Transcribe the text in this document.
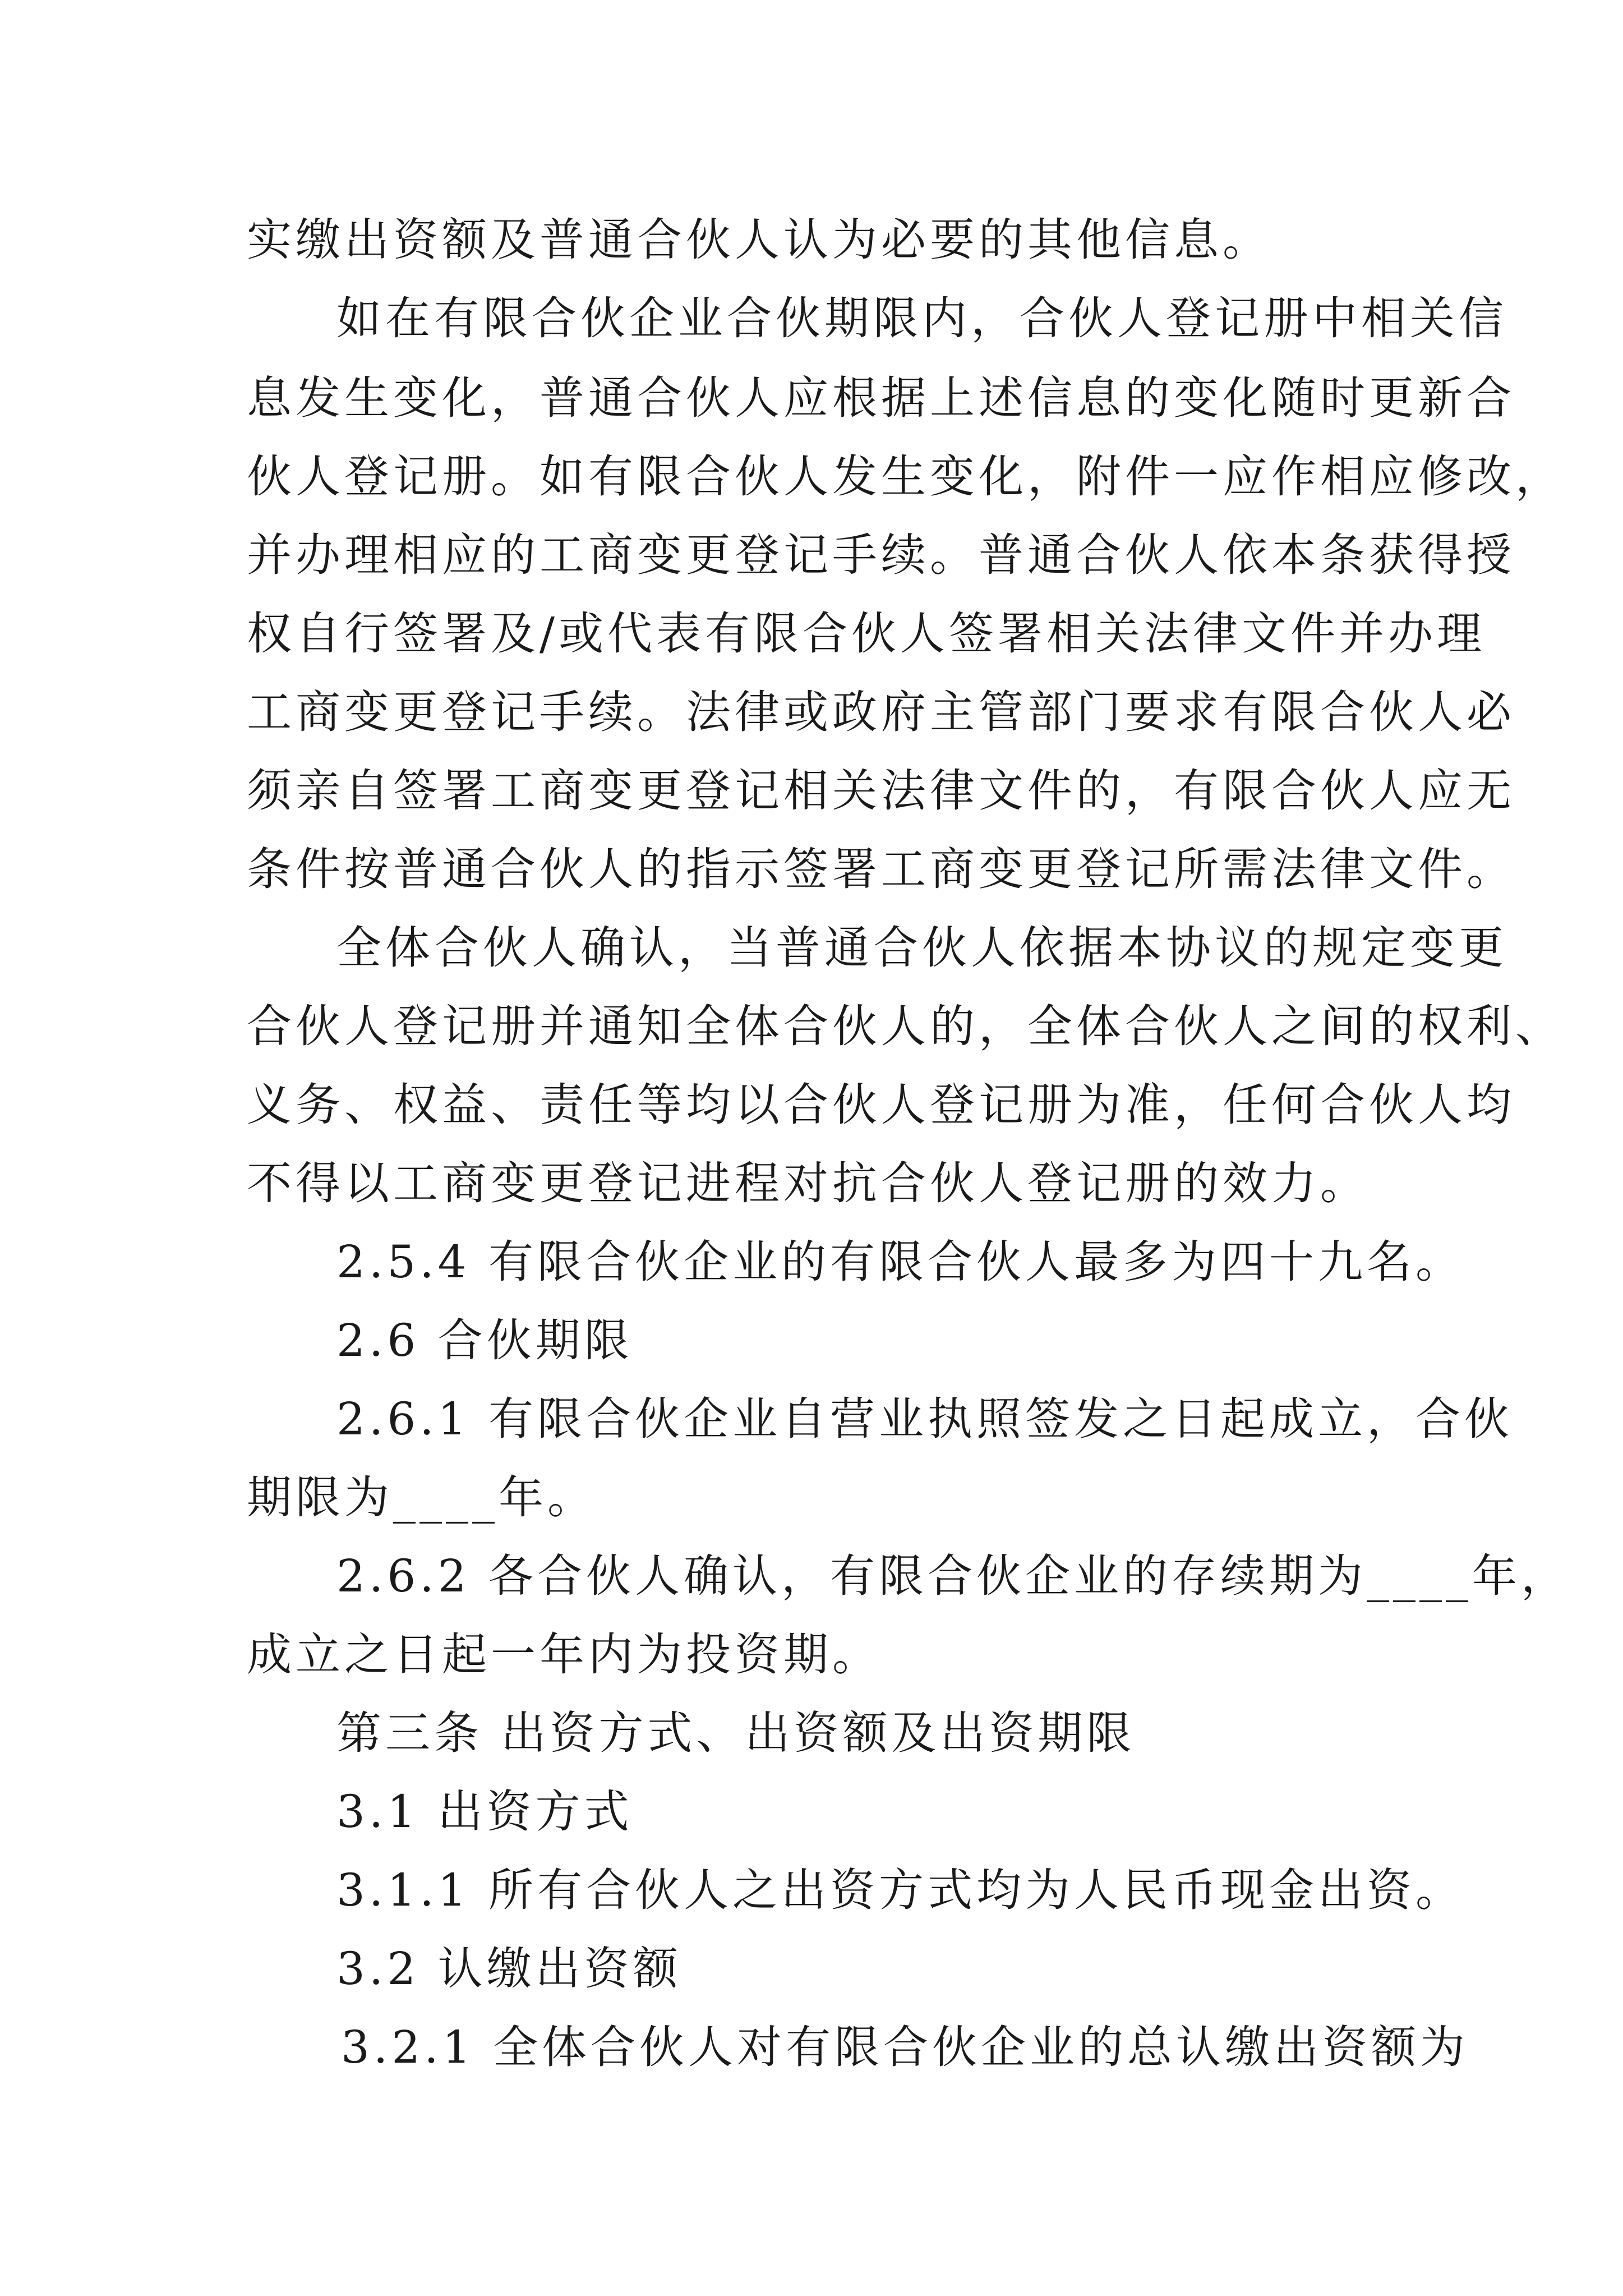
实缴出资额及普通合伙人认为必要的其他信息。
如在有限合伙企业合伙期限内，合伙人登记册中相关信
息发生变化，普通合伙人应根据上述信息的变化随时更新合
伙人登记册。如有限合伙人发生变化，附件一应作相应修改，
并办理相应的工商变更登记手续。普通合伙人依本条获得授
权自行签署及/或代表有限合伙人签署相关法律文件并办理
工商变更登记手续。法律或政府主管部门要求有限合伙人必
须亲自签署工商变更登记相关法律文件的，有限合伙人应无
条件按普通合伙人的指示签署工商变更登记所需法律文件。
全体合伙人确认，当普通合伙人依据本协议的规定变更
合伙人登记册并通知全体合伙人的，全体合伙人之间的权利、
义务、权益、责任等均以合伙人登记册为准，任何合伙人均
不得以工商变更登记进程对抗合伙人登记册的效力。
2.5.4 有限合伙企业的有限合伙人最多为四十九名。
2.6 合伙期限
2.6.1 有限合伙企业自营业执照签发之日起成立，合伙
期限为____年。
2.6.2 各合伙人确认，有限合伙企业的存续期为____年，
成立之日起一年内为投资期。
第三条 出资方式、出资额及出资期限
3.1 出资方式
3.1.1 所有合伙人之出资方式均为人民币现金出资。
3.2 认缴出资额
3.2.1 全体合伙人对有限合伙企业的总认缴出资额为
